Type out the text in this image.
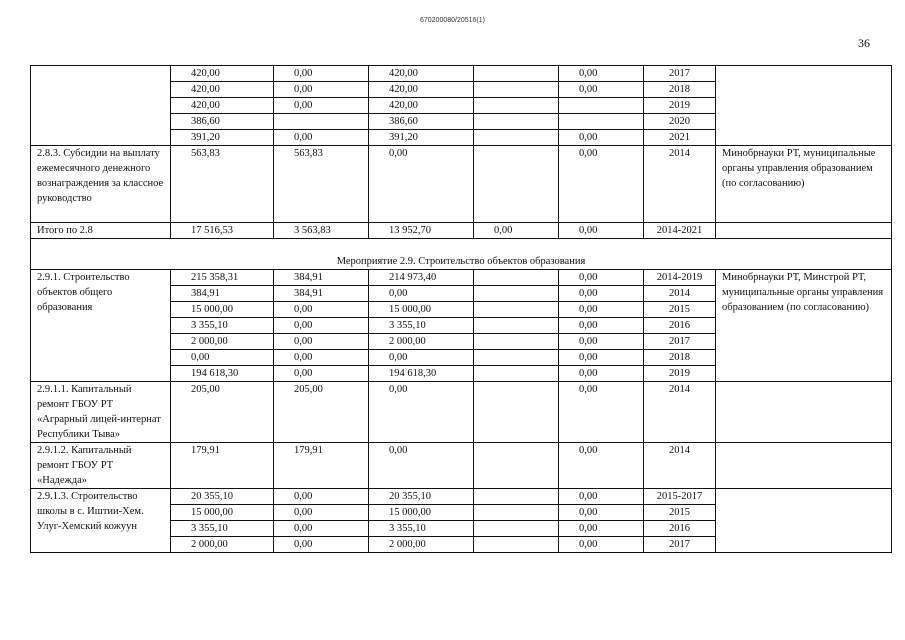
670200080/20516(1)
36
	420,00	0,00	420,00		0,00	2017	
	420,00	0,00	420,00		0,00	2018	
	420,00	0,00	420,00			2019	
	386,60		386,60			2020	
	391,20	0,00	391,20		0,00	2021	
2.8.3. Субсидии на выплату ежемесячного денежного вознаграждения за классное руководство	563,83	563,83	0,00		0,00	2014	Минобрнауки РТ, муниципальные органы управления образованием (по согласованию)
Итого по 2.8	17 516,53	3 563,83	13 952,70	0,00	0,00	2014-2021	

Мероприятие 2.9. Строительство объектов образования							
2.9.1. Строительство объектов общего образования	215 358,31	384,91	214 973,40		0,00	2014-2019	Минобрнауки РТ, Минстрой РТ, муниципальные органы управления образованием (по согласованию)
	384,91	384,91	0,00		0,00	2014	
	15 000,00	0,00	15 000,00		0,00	2015	
	3 355,10	0,00	3 355,10		0,00	2016	
	2 000,00	0,00	2 000,00		0,00	2017	
	0,00	0,00	0,00		0,00	2018	
	194 618,30	0,00	194 618,30		0,00	2019	
2.9.1.1. Капитальный ремонт ГБОУ РТ «Аграрный лицей-интернат Республики Тыва»	205,00	205,00	0,00		0,00	2014	
2.9.1.2. Капитальный ремонт ГБОУ РТ «Надежда»	179,91	179,91	0,00		0,00	2014	
2.9.1.3. Строительство школы в с. Иштии-Хем. Улуг-Хемский кожуун	20 355,10	0,00	20 355,10		0,00	2015-2017	
	15 000,00	0,00	15 000,00		0,00	2015	
	3 355,10	0,00	3 355,10		0,00	2016	
	2 000,00	0,00	2 000,00		0,00	2017	
